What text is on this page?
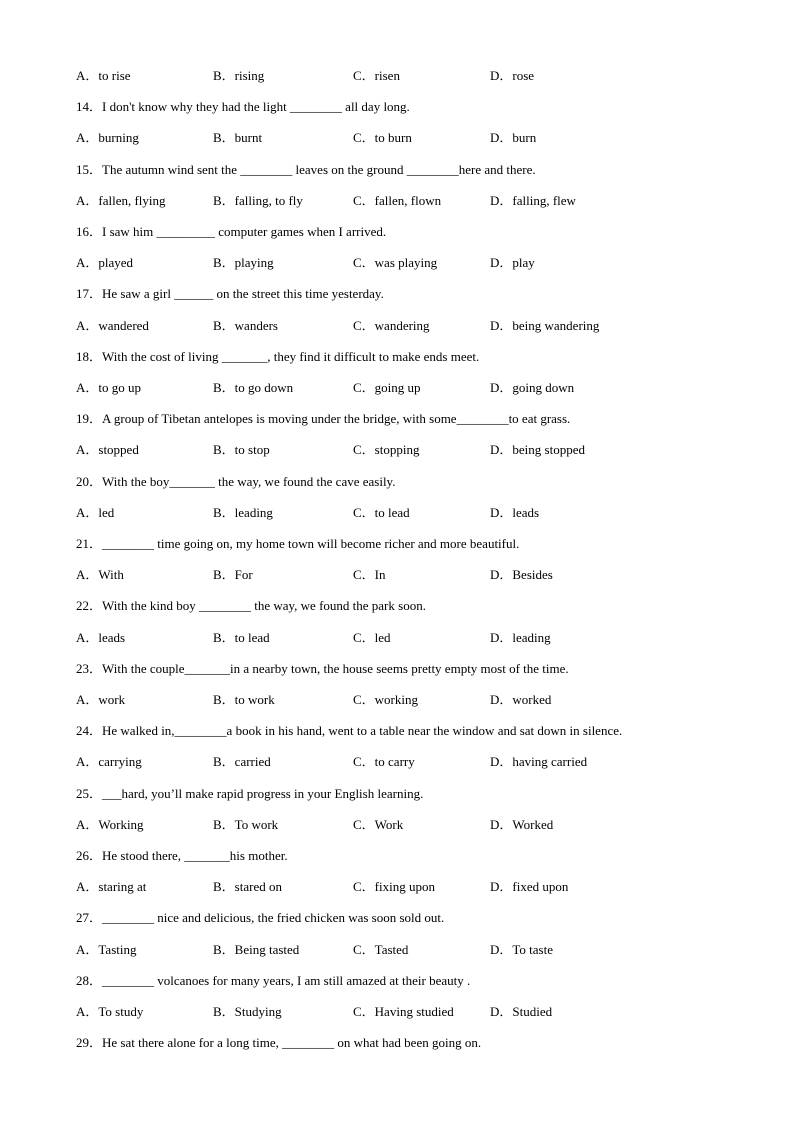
A．to rise	B．rising	C．risen	D．rose
14．I don't know why they had the light ________ all day long.
A．burning	B．burnt	C．to burn	D．burn
15．The autumn wind sent the ________ leaves on the ground ________here and there.
A．fallen, flying	B．falling, to fly	C．fallen, flown	D．falling, flew
16．I saw him _________ computer games when I arrived.
A．played	B．playing	C．was playing	D．play
17．He saw a girl ______ on the street this time yesterday.
A．wandered	B．wanders	C．wandering	D．being wandering
18．With the cost of living _______, they find it difficult to make ends meet.
A．to go up	B．to go down	C．going up	D．going down
19．A group of Tibetan antelopes is moving under the bridge, with some________to eat grass.
A．stopped	B．to stop	C．stopping	D．being stopped
20．With the boy_______ the way, we found the cave easily.
A．led	B．leading	C．to lead	D．leads
21．________ time going on, my home town will become richer and more beautiful.
A．With	B．For	C．In	D．Besides
22．With the kind boy ________ the way, we found the park soon.
A．leads	B．to lead	C．led	D．leading
23．With the couple_______in a nearby town, the house seems pretty empty most of the time.
A．work	B．to work	C．working	D．worked
24．He walked in,________a book in his hand, went to a table near the window and sat down in silence.
A．carrying	B．carried	C．to carry	D．having carried
25．___hard, you’ll make rapid progress in your English learning.
A．Working	B．To work	C．Work	D．Worked
26．He stood there, _______his mother.
A．staring at	B．stared on	C．fixing upon	D．fixed upon
27．________ nice and delicious, the fried chicken was soon sold out.
A．Tasting	B．Being tasted	C．Tasted	D．To taste
28．________ volcanoes for many years, I am still amazed at their beauty .
A．To study	B．Studying	C．Having studied	D．Studied
29．He sat there alone for a long time, ________ on what had been going on.
